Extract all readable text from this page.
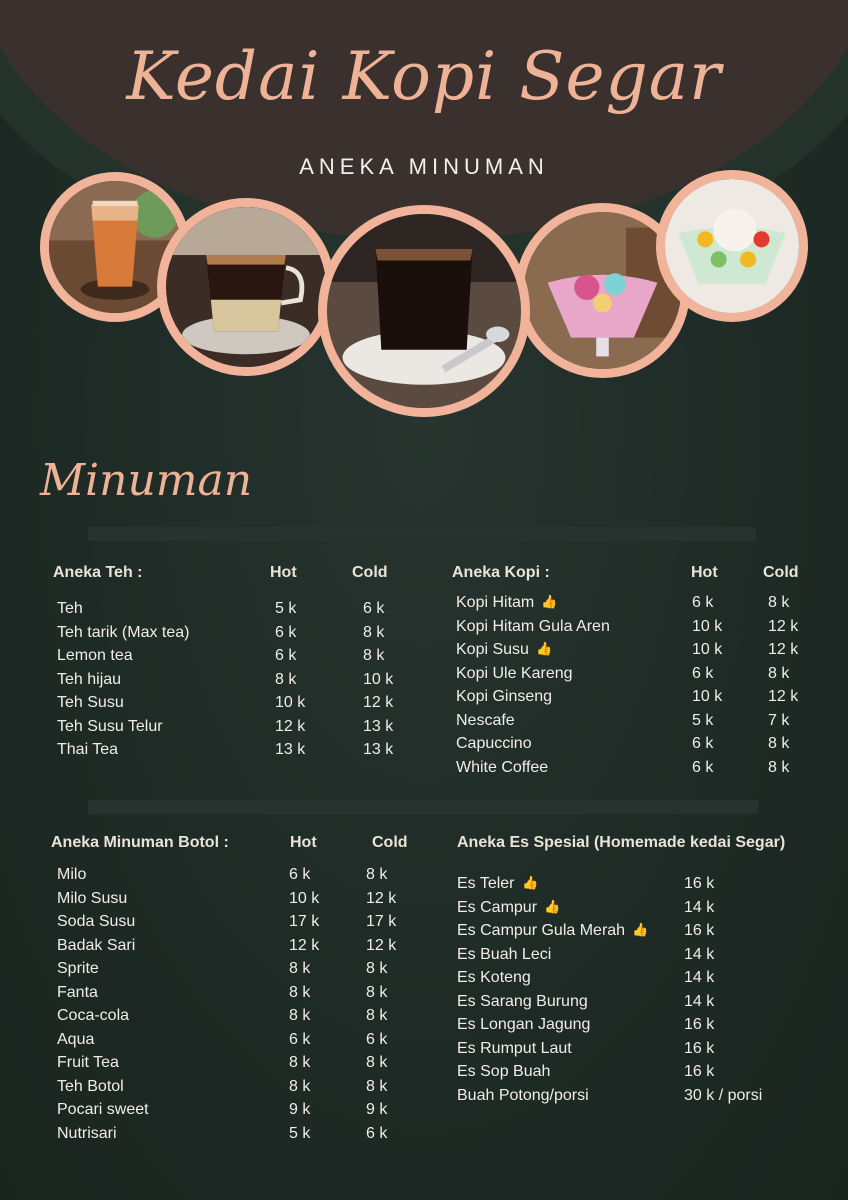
Kedai Kopi Segar
ANEKA MINUMAN
Minuman
Aneka Teh :	Hot	Cold
Teh	5 k	6 k
Teh tarik (Max tea)	6 k	8 k
Lemon tea	6 k	8 k
Teh hijau	8 k	10 k
Teh Susu	10 k	12 k
Teh Susu Telur	12 k	13 k
Thai Tea	13 k	13 k
Aneka Kopi :	Hot	Cold
Kopi Hitam 👍	6 k	8 k
Kopi Hitam Gula Aren	10 k	12 k
Kopi Susu 👍	10 k	12 k
Kopi Ule Kareng	6 k	8 k
Kopi Ginseng	10 k	12 k
Nescafe	5 k	7 k
Capuccino	6 k	8 k
White Coffee	6 k	8 k
Aneka Minuman Botol :	Hot	Cold
Milo	6 k	8 k
Milo Susu	10 k	12 k
Soda Susu	17 k	17 k
Badak Sari	12 k	12 k
Sprite	8 k	8 k
Fanta	8 k	8 k
Coca-cola	8 k	8 k
Aqua	6 k	6 k
Fruit Tea	8 k	8 k
Teh Botol	8 k	8 k
Pocari sweet	9 k	9 k
Nutrisari	5 k	6 k
Aneka Es Spesial (Homemade kedai Segar)
Es Teler 👍	16 k
Es Campur 👍	14 k
Es Campur Gula Merah 👍 16 k
Es Buah Leci	14 k
Es Koteng	14 k
Es Sarang Burung	14 k
Es Longan Jagung	16 k
Es Rumput Laut	16 k
Es Sop Buah	16 k
Buah Potong/porsi	30 k / porsi
